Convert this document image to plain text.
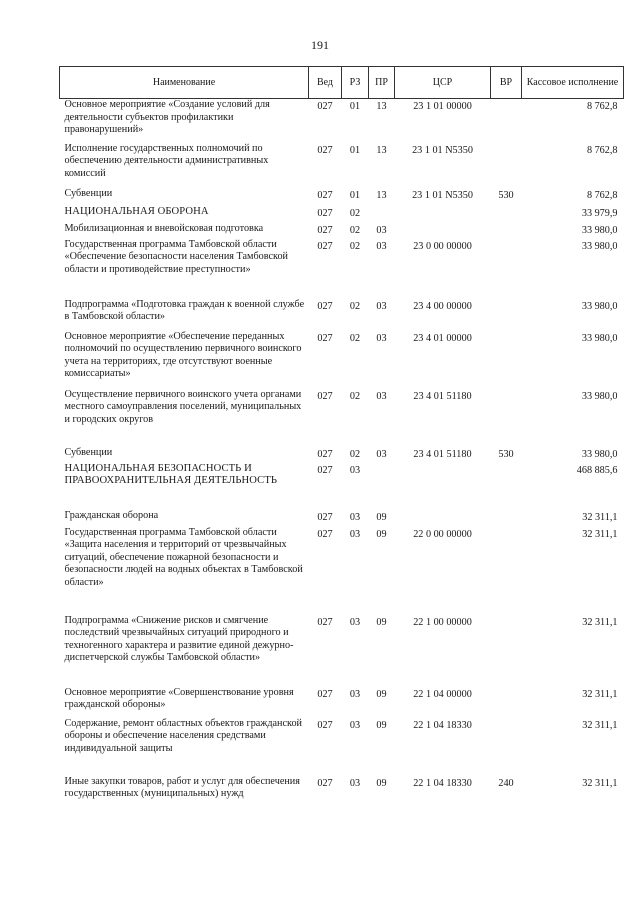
191
Наименование	Вед	РЗ	ПР	ЦСР	ВР	Кассовое исполнение
Основное мероприятие «Создание условий для деятельности субъектов профилактики правонарушений»	027	01	13	23 1 01 00000		8 762,8
Исполнение государственных полномочий по обеспечению деятельности административных комиссий	027	01	13	23 1 01 N5350		8 762,8
Субвенции	027	01	13	23 1 01 N5350	530	8 762,8
НАЦИОНАЛЬНАЯ ОБОРОНА	027	02				33 979,9
Мобилизационная и вневойсковая подготовка	027	02	03			33 980,0
Государственная программа Тамбовской области «Обеспечение безопасности населения Тамбовской области и противодействие преступности»	027	02	03	23 0 00 00000		33 980,0
Подпрограмма «Подготовка граждан к военной службе в Тамбовской области»	027	02	03	23 4 00 00000		33 980,0
Основное мероприятие «Обеспечение переданных полномочий по осуществлению первичного воинского учета на территориях, где отсутствуют военные комиссариаты»	027	02	03	23 4 01 00000		33 980,0
Осуществление первичного воинского учета органами местного самоуправления поселений, муниципальных и городских округов	027	02	03	23 4 01 51180		33 980,0
Субвенции	027	02	03	23 4 01 51180	530	33 980,0
НАЦИОНАЛЬНАЯ БЕЗОПАСНОСТЬ И ПРАВООХРАНИТЕЛЬНАЯ ДЕЯТЕЛЬНОСТЬ	027	03				468 885,6
Гражданская оборона	027	03	09			32 311,1
Государственная программа Тамбовской области «Защита населения и территорий от чрезвычайных ситуаций, обеспечение пожарной безопасности и безопасности людей на водных объектах в Тамбовской области»	027	03	09	22 0 00 00000		32 311,1
Подпрограмма «Снижение рисков и смягчение последствий чрезвычайных ситуаций природного и техногенного характера и развитие единой дежурно-диспетчерской службы Тамбовской области»	027	03	09	22 1 00 00000		32 311,1
Основное мероприятие «Совершенствование уровня гражданской обороны»	027	03	09	22 1 04 00000		32 311,1
Содержание, ремонт областных объектов гражданской обороны и обеспечение населения средствами индивидуальной защиты	027	03	09	22 1 04 18330		32 311,1
Иные закупки товаров, работ и услуг для обеспечения государственных (муниципальных) нужд	027	03	09	22 1 04 18330	240	32 311,1
